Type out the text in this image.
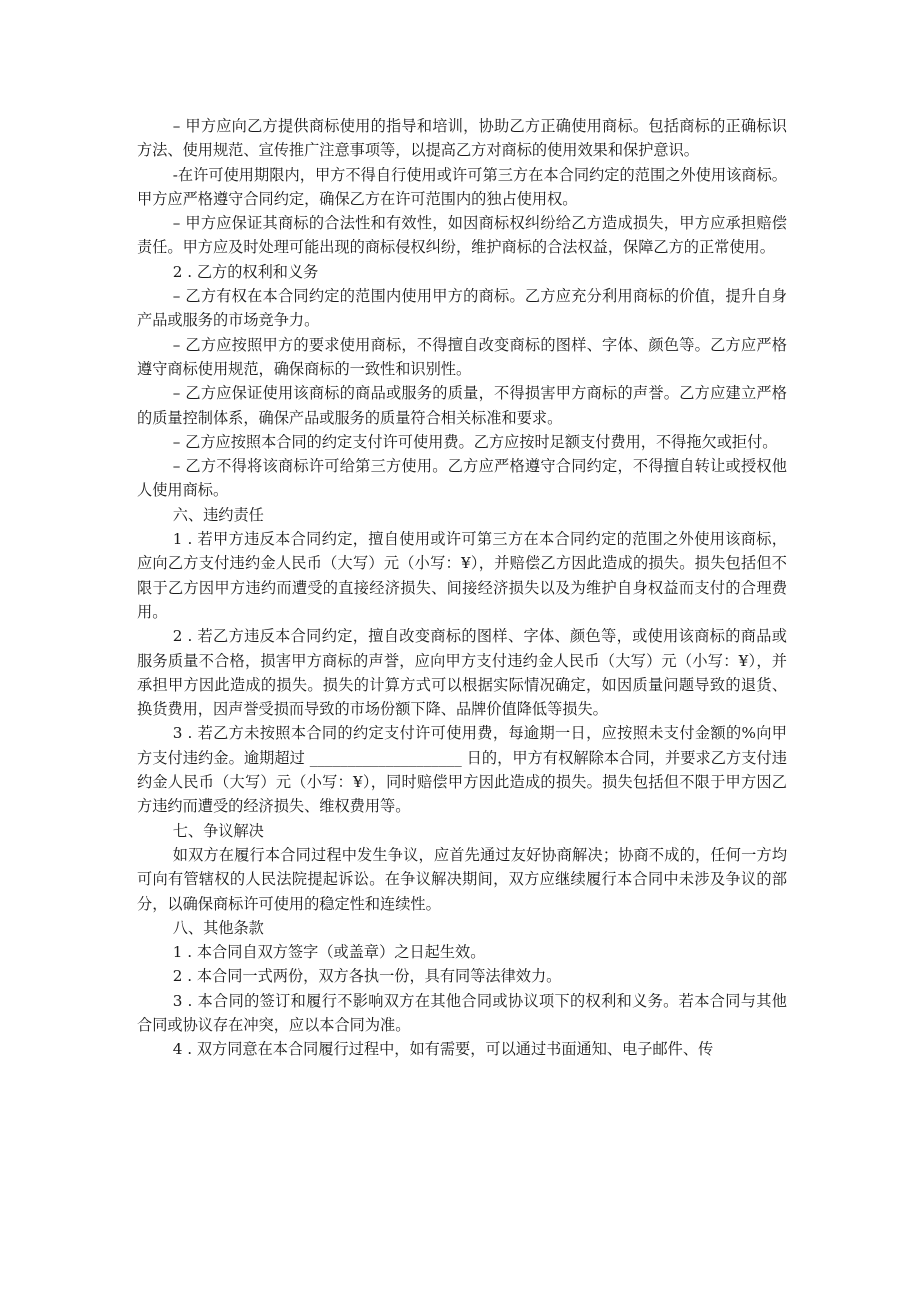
– 甲方应向乙方提供商标使用的指导和培训，协助乙方正确使用商标。包括商标的正确标识方法、使用规范、宣传推广注意事项等，以提高乙方对商标的使用效果和保护意识。

-在许可使用期限内，甲方不得自行使用或许可第三方在本合同约定的范围之外使用该商标。甲方应严格遵守合同约定，确保乙方在许可范围内的独占使用权。

– 甲方应保证其商标的合法性和有效性，如因商标权纠纷给乙方造成损失，甲方应承担赔偿责任。甲方应及时处理可能出现的商标侵权纠纷，维护商标的合法权益，保障乙方的正常使用。

2 . 乙方的权利和义务

– 乙方有权在本合同约定的范围内使用甲方的商标。乙方应充分利用商标的价值，提升自身产品或服务的市场竞争力。

– 乙方应按照甲方的要求使用商标，不得擅自改变商标的图样、字体、颜色等。乙方应严格遵守商标使用规范，确保商标的一致性和识别性。

– 乙方应保证使用该商标的商品或服务的质量，不得损害甲方商标的声誉。乙方应建立严格的质量控制体系，确保产品或服务的质量符合相关标准和要求。

– 乙方应按照本合同的约定支付许可使用费。乙方应按时足额支付费用，不得拖欠或拒付。

– 乙方不得将该商标许可给第三方使用。乙方应严格遵守合同约定，不得擅自转让或授权他人使用商标。

六、违约责任

1 . 若甲方违反本合同约定，擅自使用或许可第三方在本合同约定的范围之外使用该商标，应向乙方支付违约金人民币（大写）元（小写：¥），并赔偿乙方因此造成的损失。损失包括但不限于乙方因甲方违约而遭受的直接经济损失、间接经济损失以及为维护自身权益而支付的合理费用。

2 . 若乙方违反本合同约定，擅自改变商标的图样、字体、颜色等，或使用该商标的商品或服务质量不合格，损害甲方商标的声誉，应向甲方支付违约金人民币（大写）元（小写：¥），并承担甲方因此造成的损失。损失的计算方式可以根据实际情况确定，如因质量问题导致的退货、换货费用，因声誉受损而导致的市场份额下降、品牌价值降低等损失。

3 . 若乙方未按照本合同的约定支付许可使用费，每逾期一日，应按照未支付金额的%向甲方支付违约金。逾期超过 ____________________ 日的，甲方有权解除本合同，并要求乙方支付违约金人民币（大写）元（小写：¥），同时赔偿甲方因此造成的损失。损失包括但不限于甲方因乙方违约而遭受的经济损失、维权费用等。

七、争议解决

如双方在履行本合同过程中发生争议，应首先通过友好协商解决；协商不成的，任何一方均可向有管辖权的人民法院提起诉讼。在争议解决期间，双方应继续履行本合同中未涉及争议的部分，以确保商标许可使用的稳定性和连续性。

八、其他条款

1 . 本合同自双方签字（或盖章）之日起生效。

2 . 本合同一式两份，双方各执一份，具有同等法律效力。

3 . 本合同的签订和履行不影响双方在其他合同或协议项下的权利和义务。若本合同与其他合同或协议存在冲突，应以本合同为准。

4 . 双方同意在本合同履行过程中，如有需要，可以通过书面通知、电子邮件、传
